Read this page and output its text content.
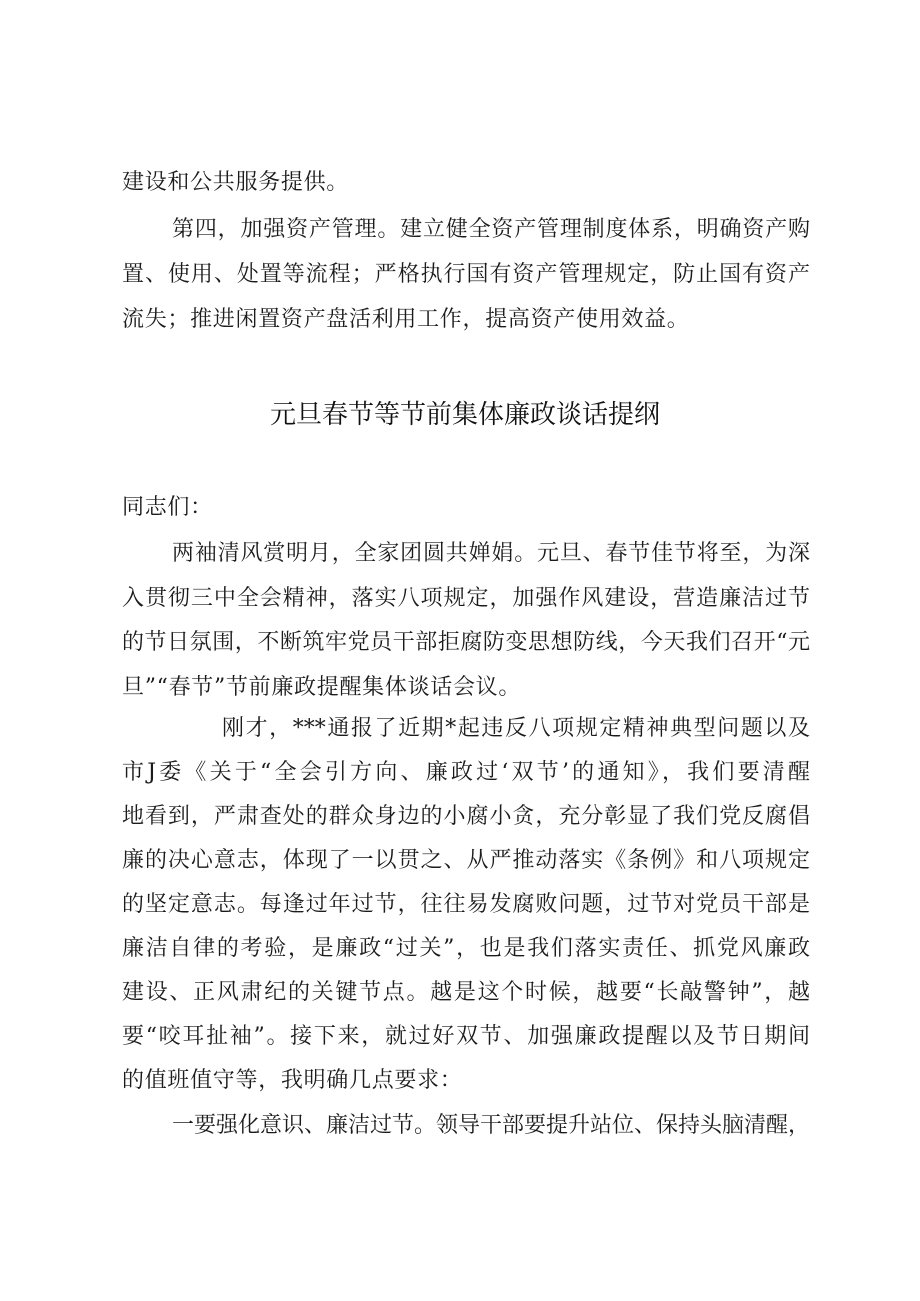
建设和公共服务提供。
第四，加强资产管理。建立健全资产管理制度体系，明确资产购
置、使用、处置等流程；严格执行国有资产管理规定，防止国有资产
流失；推进闲置资产盘活利用工作，提高资产使用效益。
元旦春节等节前集体廉政谈话提纲
同志们：
两袖清风赏明月，全家团圆共婵娟。元旦、春节佳节将至，为深
入贯彻三中全会精神，落实八项规定，加强作风建设，营造廉洁过节
的节日氛围，不断筑牢党员干部拒腐防变思想防线，今天我们召开“元
旦”“春节”节前廉政提醒集体谈话会议。
刚才，***通报了近期*起违反八项规定精神典型问题以及
市J委《关于“全会引方向、廉政过‘双节’的通知》，我们要清醒
地看到，严肃查处的群众身边的小腐小贪，充分彰显了我们党反腐倡
廉的决心意志，体现了一以贯之、从严推动落实《条例》和八项规定
的坚定意志。每逢过年过节，往往易发腐败问题，过节对党员干部是
廉洁自律的考验，是廉政“过关”，也是我们落实责任、抓党风廉政
建设、正风肃纪的关键节点。越是这个时候，越要“长敲警钟”，越
要“咬耳扯袖”。接下来，就过好双节、加强廉政提醒以及节日期间
的值班值守等，我明确几点要求：
一要强化意识、廉洁过节。领导干部要提升站位、保持头脑清醒，
